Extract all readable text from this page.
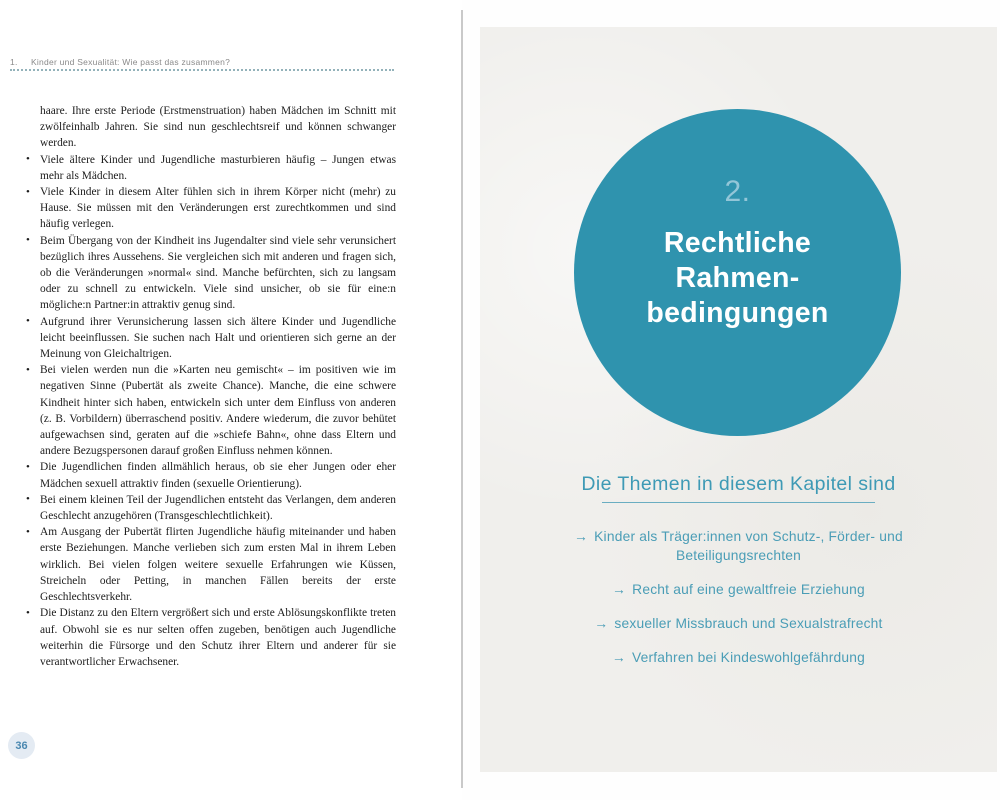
1.	Kinder und Sexualität: Wie passt das zusammen?

haare. Ihre erste Periode (Erstmenstruation) haben Mädchen im Schnitt mit zwölfeinhalb Jahren. Sie sind nun geschlechtsreif und können schwanger werden.

• Viele ältere Kinder und Jugendliche masturbieren häufig – Jungen etwas mehr als Mädchen.
• Viele Kinder in diesem Alter fühlen sich in ihrem Körper nicht (mehr) zu Hause. Sie müssen mit den Veränderungen erst zurechtkommen und sind häufig verlegen.
• Beim Übergang von der Kindheit ins Jugendalter sind viele sehr verunsichert bezüglich ihres Aussehens. Sie vergleichen sich mit anderen und fragen sich, ob die Veränderungen »normal« sind. Manche befürchten, sich zu langsam oder zu schnell zu entwickeln. Viele sind unsicher, ob sie für eine:n mögliche:n Partner:in attraktiv genug sind.
• Aufgrund ihrer Verunsicherung lassen sich ältere Kinder und Jugendliche leicht beeinflussen. Sie suchen nach Halt und orientieren sich gerne an der Meinung von Gleichaltrigen.
• Bei vielen werden nun die »Karten neu gemischt« – im positiven wie im negativen Sinne (Pubertät als zweite Chance). Manche, die eine schwere Kindheit hinter sich haben, entwickeln sich unter dem Einfluss von anderen (z. B. Vorbildern) überraschend positiv. Andere wiederum, die zuvor behütet aufgewachsen sind, geraten auf die »schiefe Bahn«, ohne dass Eltern und andere Bezugspersonen darauf großen Einfluss nehmen können.
• Die Jugendlichen finden allmählich heraus, ob sie eher Jungen oder eher Mädchen sexuell attraktiv finden (sexuelle Orientierung).
• Bei einem kleinen Teil der Jugendlichen entsteht das Verlangen, dem anderen Geschlecht anzugehören (Transgeschlechtlichkeit).
• Am Ausgang der Pubertät flirten Jugendliche häufig miteinander und haben erste Beziehungen. Manche verlieben sich zum ersten Mal in ihrem Leben wirklich. Bei vielen folgen weitere sexuelle Erfahrungen wie Küssen, Streicheln oder Petting, in manchen Fällen bereits der erste Geschlechtsverkehr.
• Die Distanz zu den Eltern vergrößert sich und erste Ablösungskonflikte treten auf. Obwohl sie es nur selten offen zugeben, benötigen auch Jugendliche weiterhin die Fürsorge und den Schutz ihrer Eltern und anderer für sie verantwortlicher Erwachsener.
36
2.
Rechtliche
Rahmen-
bedingungen
Die Themen in diesem Kapitel sind
→ Kinder als Träger:innen von Schutz-, Förder- und Beteiligungsrechten
→ Recht auf eine gewaltfreie Erziehung
→ sexueller Missbrauch und Sexualstrafrecht
→ Verfahren bei Kindeswohlgefährdung
